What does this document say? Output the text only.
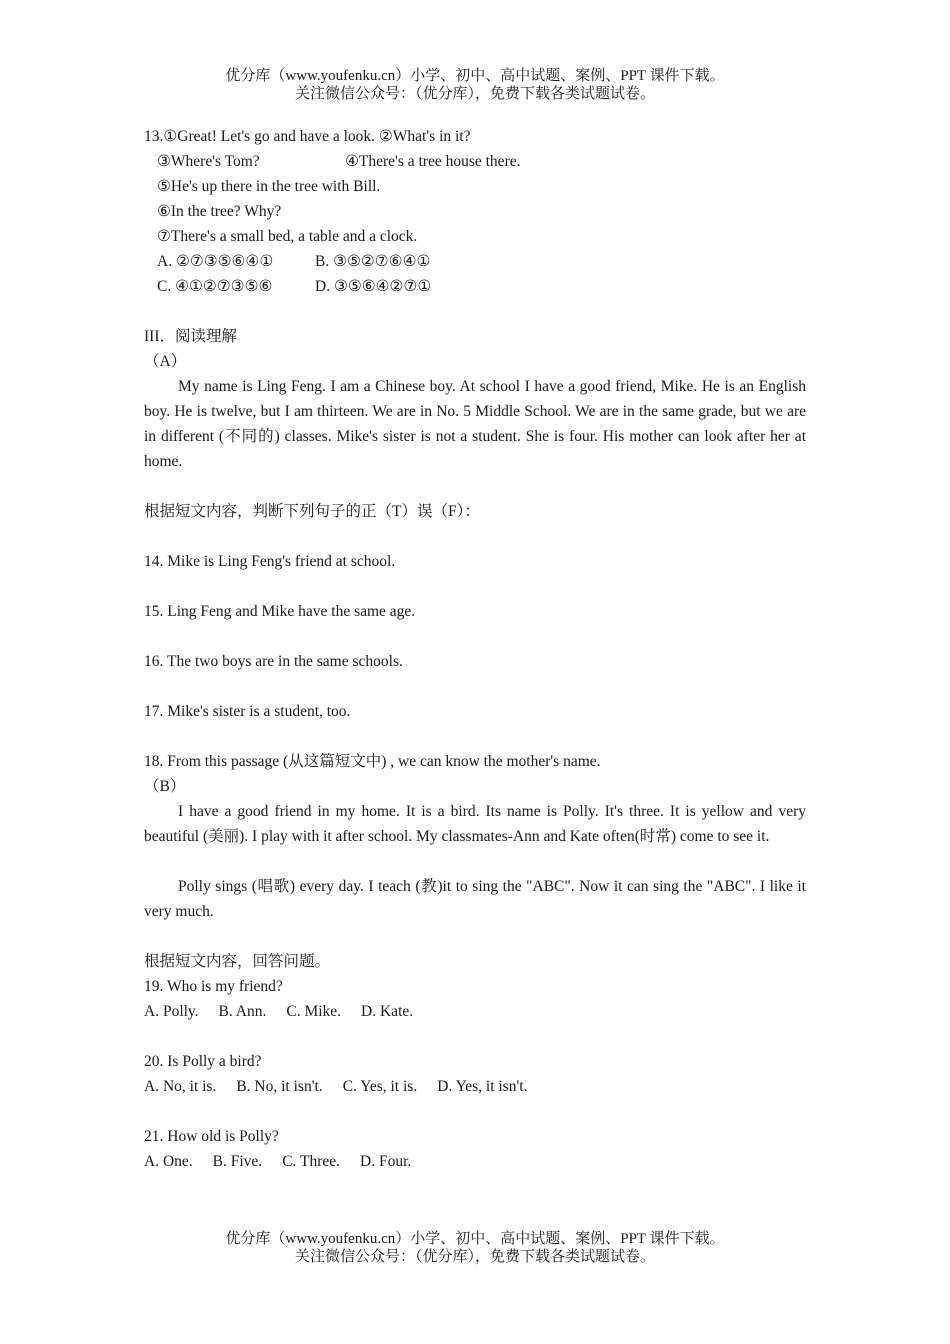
优分库（www.youfenku.cn）小学、初中、高中试题、案例、PPT 课件下载。
关注微信公众号：（优分库），免费下载各类试题试卷。
13.①Great! Let's go and have a look. ②What's in it?
③Where's Tom?	④There's a tree house there.
⑤He's up there in the tree with Bill.
⑥In the tree? Why?
⑦There's a small bed, a table and a clock.
A. ②⑦③⑤⑥④①	B. ③⑤②⑦⑥④①
C. ④①②⑦③⑤⑥	D. ③⑤⑥④②⑦①
III．阅读理解
（A）

My name is Ling Feng. I am a Chinese boy. At school I have a good friend, Mike. He is an English boy. He is twelve, but I am thirteen. We are in No. 5 Middle School. We are in the same grade, but we are in different (不同的) classes. Mike's sister is not a student. She is four. His mother can look after her at home.

根据短文内容，判断下列句子的正（T）误（F）：
14. Mike is Ling Feng's friend at school.
15. Ling Feng and Mike have the same age.
16. The two boys are in the same schools.
17. Mike's sister is a student, too.
18. From this passage (从这篇短文中) , we can know the mother's name.
（B）

I have a good friend in my home. It is a bird. Its name is Polly. It's three. It is yellow and very beautiful (美丽). I play with it after school. My classmates-Ann and Kate often(时常) come to see it.

Polly sings (唱歌) every day. I teach (教)it to sing the "ABC". Now it can sing the "ABC". I like it very much.

根据短文内容，回答问题。
19. Who is my friend?
A. Polly. B. Ann. C. Mike. D. Kate.
20. Is Polly a bird?
A. No, it is. B. No, it isn't. C. Yes, it is. D. Yes, it isn't.
21. How old is Polly?
A. One. B. Five. C. Three. D. Four.
优分库（www.youfenku.cn）小学、初中、高中试题、案例、PPT 课件下载。
关注微信公众号：（优分库），免费下载各类试题试卷。
